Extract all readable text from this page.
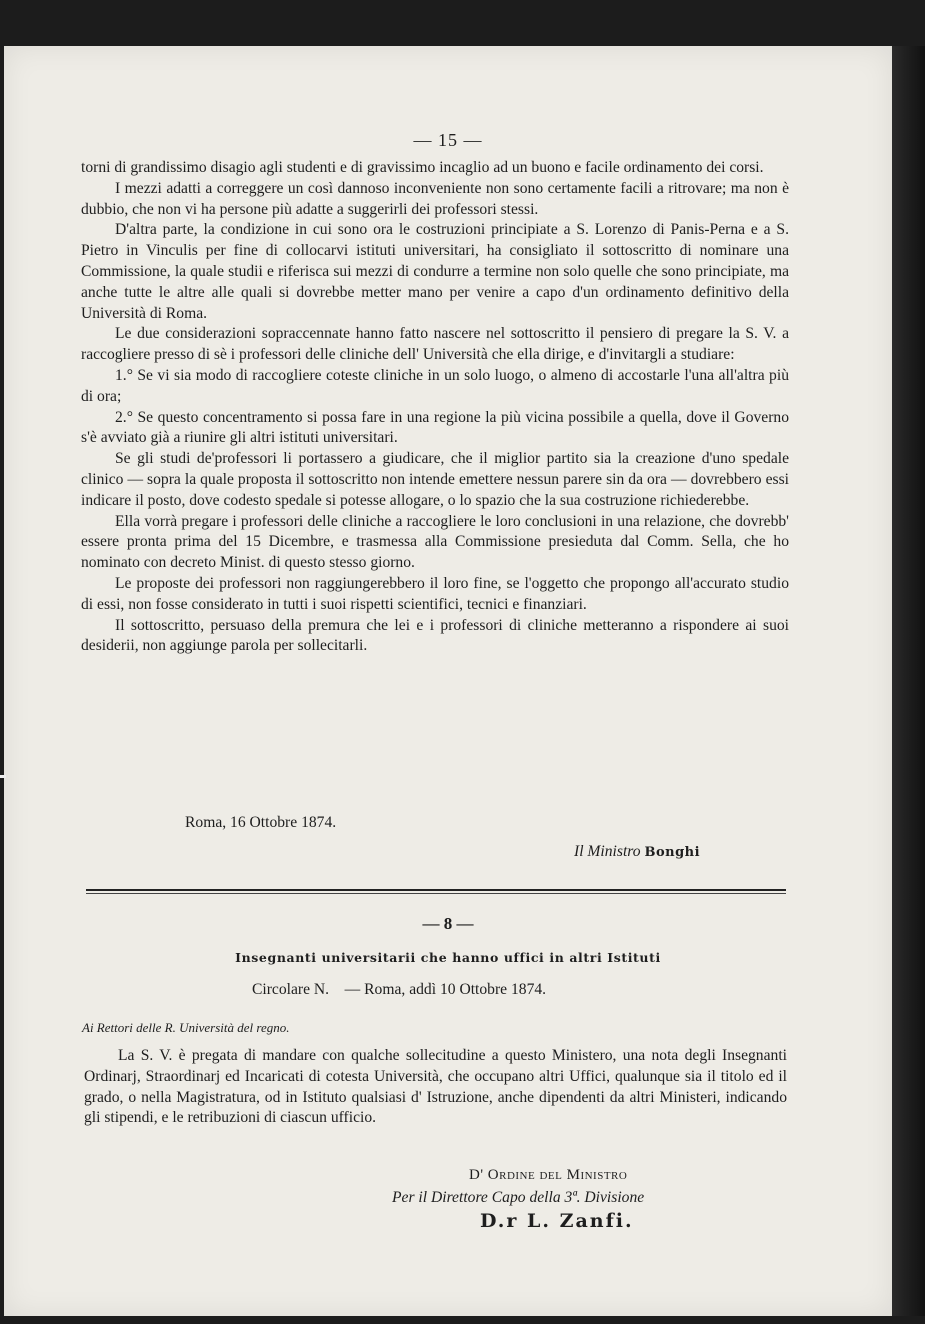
— 15 —

torni di grandissimo disagio agli studenti e di gravissimo incaglio ad un buono e facile ordinamento dei corsi.

I mezzi adatti a correggere un così dannoso inconveniente non sono certamente facili a ritrovare; ma non è dubbio, che non vi ha persone più adatte a suggerirli dei professori stessi.

D'altra parte, la condizione in cui sono ora le costruzioni principiate a S. Lorenzo di Panis-Perna e a S. Pietro in Vinculis per fine di collocarvi istituti universitari, ha consigliato il sottoscritto di nominare una Commissione, la quale studii e riferisca sui mezzi di condurre a termine non solo quelle che sono principiate, ma anche tutte le altre alle quali si dovrebbe metter mano per venire a capo d'un ordinamento definitivo della Università di Roma.

Le due considerazioni sopraccennate hanno fatto nascere nel sottoscritto il pensiero di pregare la S. V. a raccogliere presso di sè i professori delle cliniche dell' Università che ella dirige, e d'invitargli a studiare:

1.° Se vi sia modo di raccogliere coteste cliniche in un solo luogo, o almeno di accostarle l'una all'altra più di ora;

2.° Se questo concentramento si possa fare in una regione la più vicina possibile a quella, dove il Governo s'è avviato già a riunire gli altri istituti universitari.

Se gli studi de'professori li portassero a giudicare, che il miglior partito sia la creazione d'uno spedale clinico — sopra la quale proposta il sottoscritto non intende emettere nessun parere sin da ora — dovrebbero essi indicare il posto, dove codesto spedale si potesse allogare, o lo spazio che la sua costruzione richiederebbe.

Ella vorrà pregare i professori delle cliniche a raccogliere le loro conclusioni in una relazione, che dovrebb' essere pronta prima del 15 Dicembre, e trasmessa alla Commissione presieduta dal Comm. Sella, che ho nominato con decreto Minist. di questo stesso giorno.

Le proposte dei professori non raggiungerebbero il loro fine, se l'oggetto che propongo all'accurato studio di essi, non fosse considerato in tutti i suoi rispetti scientifici, tecnici e finanziari.

Il sottoscritto, persuaso della premura che lei e i professori di cliniche metteranno a rispondere ai suoi desiderii, non aggiunge parola per sollecitarli.

Roma, 16 Ottobre 1874.
Il Ministro Bonghi
— 8 —
Insegnanti universitarii che hanno uffici in altri Istituti
Circolare N.    — Roma, addì 10 Ottobre 1874.
Ai Rettori delle R. Università del regno.

La S. V. è pregata di mandare con qualche sollecitudine a questo Ministero, una nota degli Insegnanti Ordinarj, Straordinarj ed Incaricati di cotesta Università, che occupano altri Uffici, qualunque sia il titolo ed il grado, o nella Magistratura, od in Istituto qualsiasi d' Istruzione, anche dipendenti da altri Ministeri, indicando gli stipendi, e le retribuzioni di ciascun ufficio.

D' Ordine del Ministro
Per il Direttore Capo della 3ª. Divisione
D.r L. Zanfi.
